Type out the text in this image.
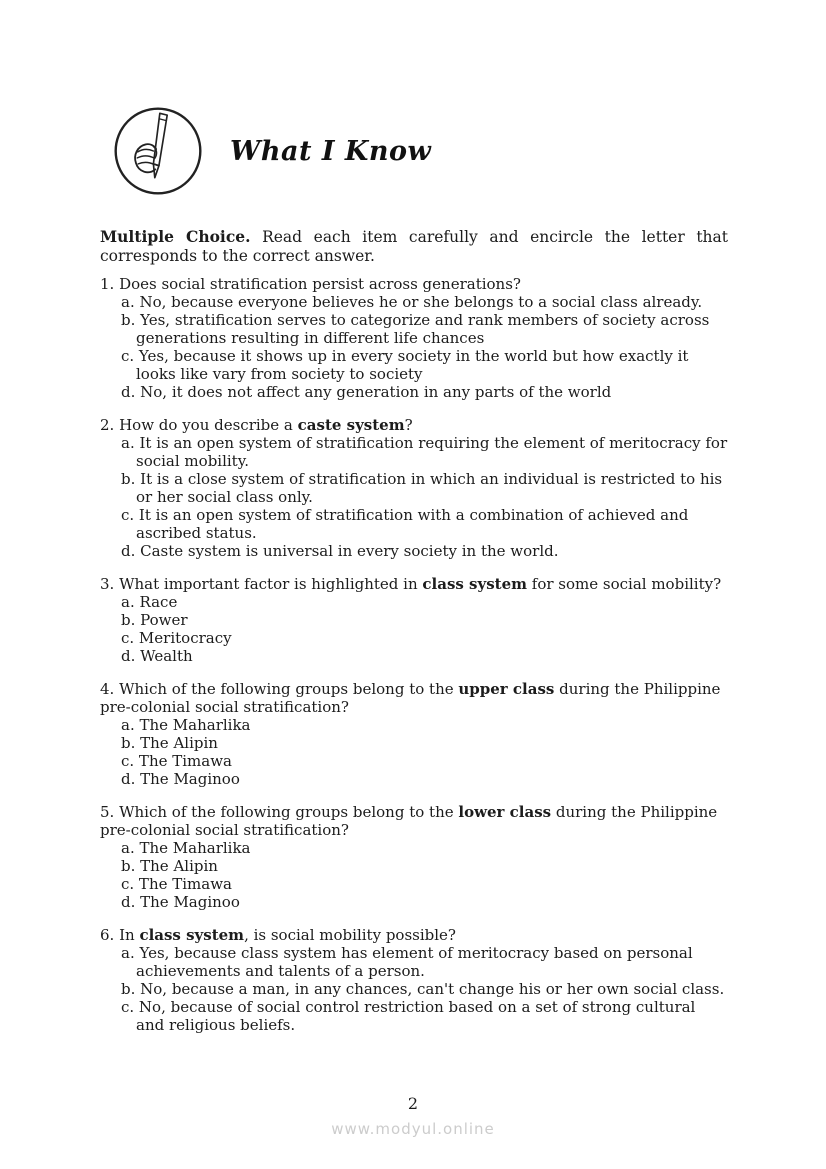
What I Know

Multiple Choice. Read each item carefully and encircle the letter that corresponds to the correct answer.

1. Does social stratification persist across generations?

a. No, because everyone believes he or she belongs to a social class already.
b. Yes, stratification serves to categorize and rank members of society across generations resulting in different life chances
c. Yes, because it shows up in every society in the world but how exactly it looks like vary from society to society
d. No, it does not affect any generation in any parts of the world

2. How do you describe a caste system?

a. It is an open system of stratification requiring the element of meritocracy for social mobility.
b. It is a close system of stratification in which an individual is restricted to his or her social class only.
c. It is an open system of stratification with a combination of achieved and ascribed status.
d. Caste system is universal in every society in the world.

3. What important factor is highlighted in class system for some social mobility?

a. Race
b. Power
c. Meritocracy
d. Wealth

4. Which of the following groups belong to the upper class during the Philippine pre-colonial social stratification?

a. The Maharlika
b. The Alipin
c. The Timawa
d. The Maginoo

5. Which of the following groups belong to the lower class during the Philippine pre-colonial social stratification?

a. The Maharlika
b. The Alipin
c. The Timawa
d. The Maginoo

6. In class system, is social mobility possible?

a. Yes, because class system has element of meritocracy based on personal achievements and talents of a person.
b. No, because a man, in any chances, can't change his or her own social class.
c. No, because of social control restriction based on a set of strong cultural and religious beliefs.
2
www.modyul.online
